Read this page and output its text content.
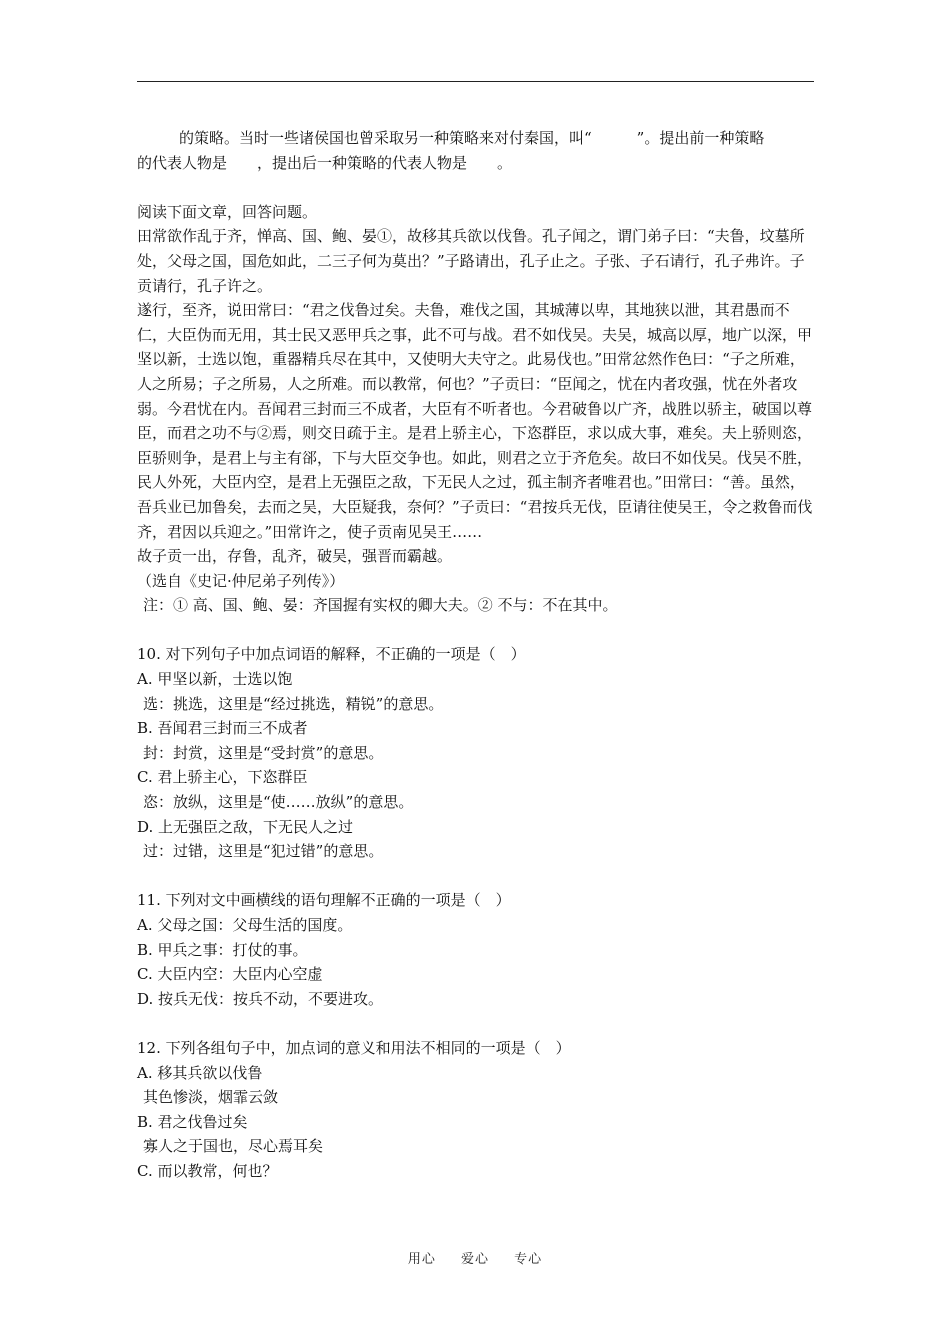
的策略。当时一些诸侯国也曾采取另一种策略来对付秦国，叫“　　　”。提出前一种策略

的代表人物是　　，提出后一种策略的代表人物是　　。

阅读下面文章，回答问题。

田常欲作乱于齐，惮高、国、鲍、晏①，故移其兵欲以伐鲁。孔子闻之，谓门弟子曰：“夫鲁，坟墓所处，父母之国，国危如此，二三子何为莫出？”子路请出，孔子止之。子张、子石请行，孔子弗许。子贡请行，孔子许之。

遂行，至齐，说田常曰：“君之伐鲁过矣。夫鲁，难伐之国，其城薄以卑，其地狭以泄，其君愚而不仁，大臣伪而无用，其士民又恶甲兵之事，此不可与战。君不如伐吴。夫吴，城高以厚，地广以深，甲坚以新，士选以饱，重器精兵尽在其中，又使明大夫守之。此易伐也。”田常忿然作色曰：“子之所难，人之所易；子之所易，人之所难。而以教常，何也？”子贡曰：“臣闻之，忧在内者攻强，忧在外者攻弱。今君忧在内。吾闻君三封而三不成者，大臣有不听者也。今君破鲁以广齐，战胜以骄主，破国以尊臣，而君之功不与②焉，则交日疏于主。是君上骄主心，下恣群臣，求以成大事，难矣。夫上骄则恣，臣骄则争，是君上与主有郤，下与大臣交争也。如此，则君之立于齐危矣。故曰不如伐吴。伐吴不胜，民人外死，大臣内空，是君上无强臣之敌，下无民人之过，孤主制齐者唯君也。”田常曰：“善。虽然，吾兵业已加鲁矣，去而之吴，大臣疑我，奈何？”子贡曰：“君按兵无伐，臣请往使吴王，令之救鲁而伐齐，君因以兵迎之。”田常许之，使子贡南见吴王……

故子贡一出，存鲁，乱齐，破吴，强晋而霸越。

（选自《史记·仲尼弟子列传》）

注：① 高、国、鲍、晏：齐国握有实权的卿大夫。② 不与：不在其中。

10. 对下列句子中加点词语的解释，不正确的一项是（　）

A. 甲坚以新，士选以饱

选：挑选，这里是“经过挑选，精锐”的意思。

B. 吾闻君三封而三不成者

封：封赏，这里是“受封赏”的意思。

C. 君上骄主心，下恣群臣

恣：放纵，这里是“使……放纵”的意思。

D. 上无强臣之敌，下无民人之过

过：过错，这里是“犯过错”的意思。

11. 下列对文中画横线的语句理解不正确的一项是（　）

A. 父母之国：父母生活的国度。

B. 甲兵之事：打仗的事。

C. 大臣内空：大臣内心空虚

D. 按兵无伐：按兵不动，不要进攻。

12. 下列各组句子中，加点词的意义和用法不相同的一项是（　）

A. 移其兵欲以伐鲁

其色惨淡，烟霏云敛

B. 君之伐鲁过矣

寡人之于国也，尽心焉耳矣

C. 而以教常，何也？

用心 爱心 专心
